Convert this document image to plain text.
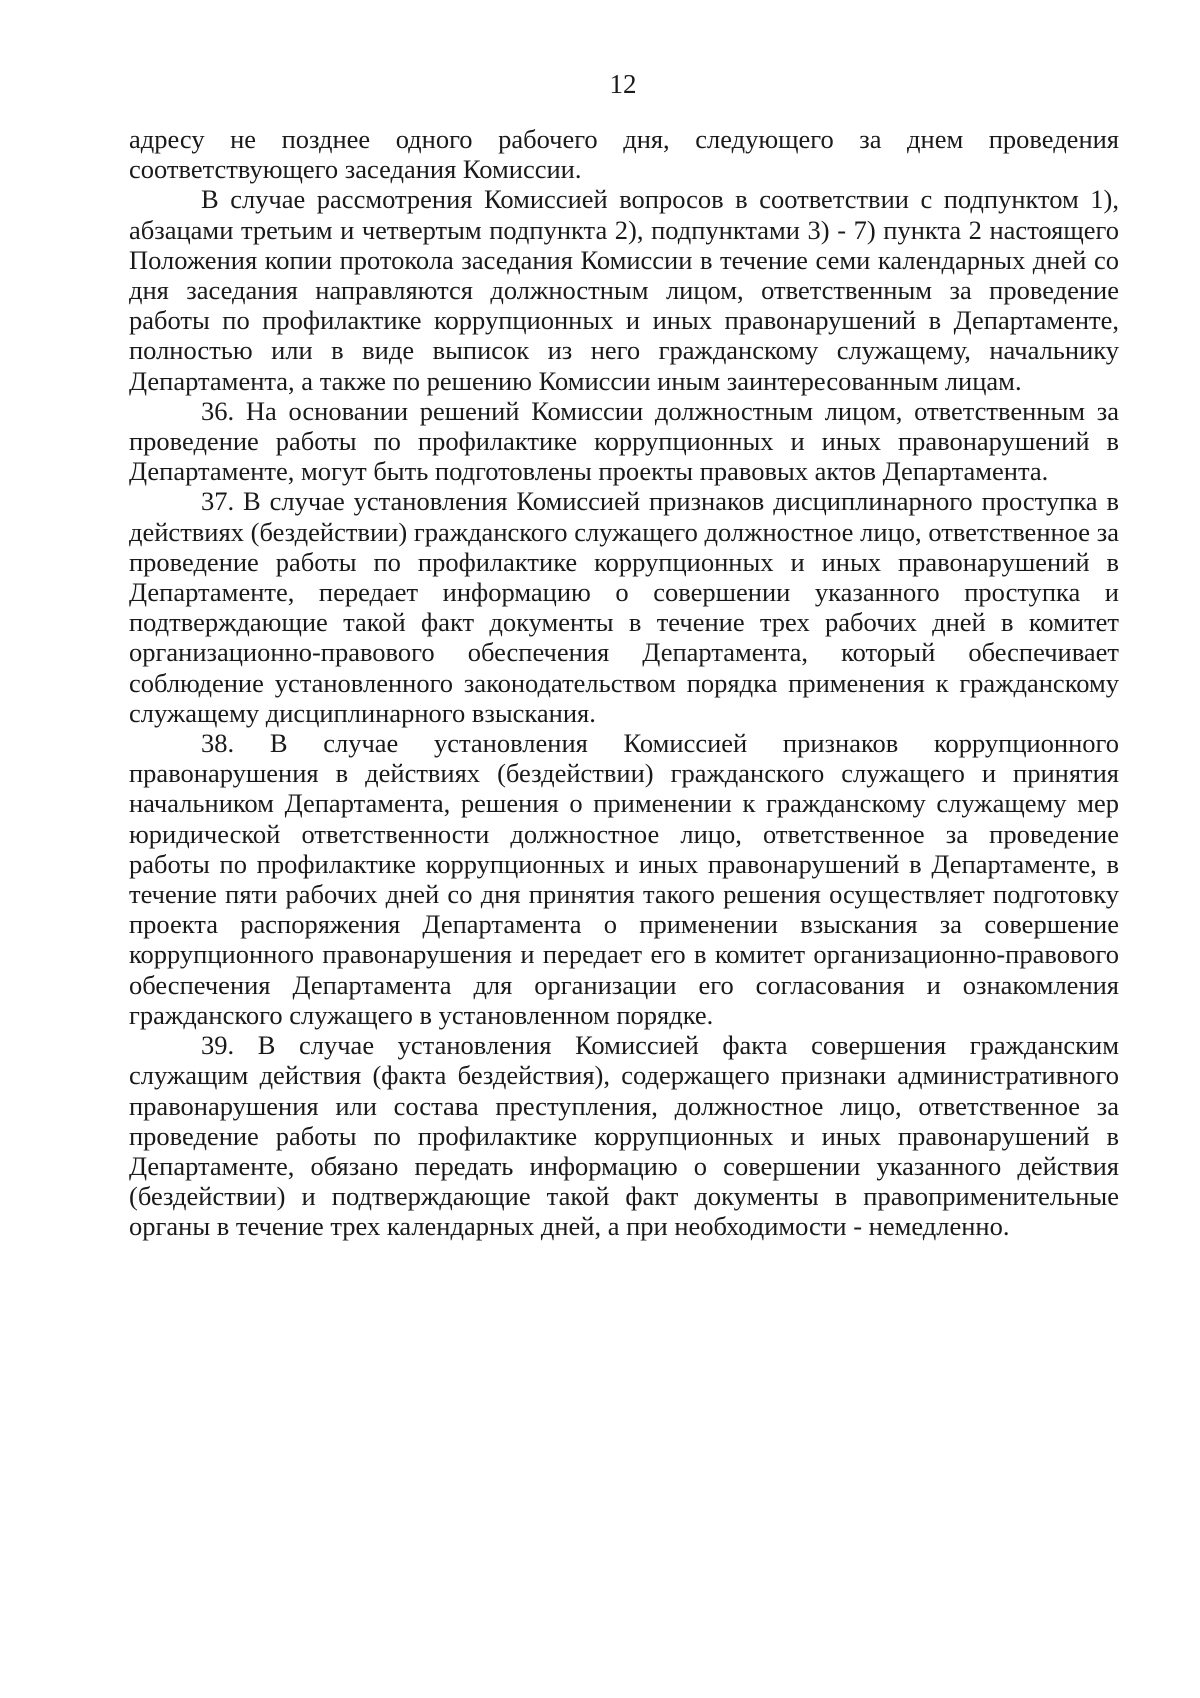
12

адресу не позднее одного рабочего дня, следующего за днем проведения соответствующего заседания Комиссии.

В случае рассмотрения Комиссией вопросов в соответствии с подпунктом 1), абзацами третьим и четвертым подпункта 2), подпунктами 3) - 7) пункта 2 настоящего Положения копии протокола заседания Комиссии в течение семи календарных дней со дня заседания направляются должностным лицом, ответственным за проведение работы по профилактике коррупционных и иных правонарушений в Департаменте, полностью или в виде выписок из него гражданскому служащему, начальнику Департамента, а также по решению Комиссии иным заинтересованным лицам.

36. На основании решений Комиссии должностным лицом, ответственным за проведение работы по профилактике коррупционных и иных правонарушений в Департаменте, могут быть подготовлены проекты правовых актов Департамента.

37. В случае установления Комиссией признаков дисциплинарного проступка в действиях (бездействии) гражданского служащего должностное лицо, ответственное за проведение работы по профилактике коррупционных и иных правонарушений в Департаменте, передает информацию о совершении указанного проступка и подтверждающие такой факт документы в течение трех рабочих дней в комитет организационно-правового обеспечения Департамента, который обеспечивает соблюдение установленного законодательством порядка применения к гражданскому служащему дисциплинарного взыскания.

38. В случае установления Комиссией признаков коррупционного правонарушения в действиях (бездействии) гражданского служащего и принятия начальником Департамента, решения о применении к гражданскому служащему мер юридической ответственности должностное лицо, ответственное за проведение работы по профилактике коррупционных и иных правонарушений в Департаменте, в течение пяти рабочих дней со дня принятия такого решения осуществляет подготовку проекта распоряжения Департамента о применении взыскания за совершение коррупционного правонарушения и передает его в комитет организационно-правового обеспечения Департамента для организации его согласования и ознакомления гражданского служащего в установленном порядке.

39. В случае установления Комиссией факта совершения гражданским служащим действия (факта бездействия), содержащего признаки административного правонарушения или состава преступления, должностное лицо, ответственное за проведение работы по профилактике коррупционных и иных правонарушений в Департаменте, обязано передать информацию о совершении указанного действия (бездействии) и подтверждающие такой факт документы в правоприменительные органы в течение трех календарных дней, а при необходимости - немедленно.
